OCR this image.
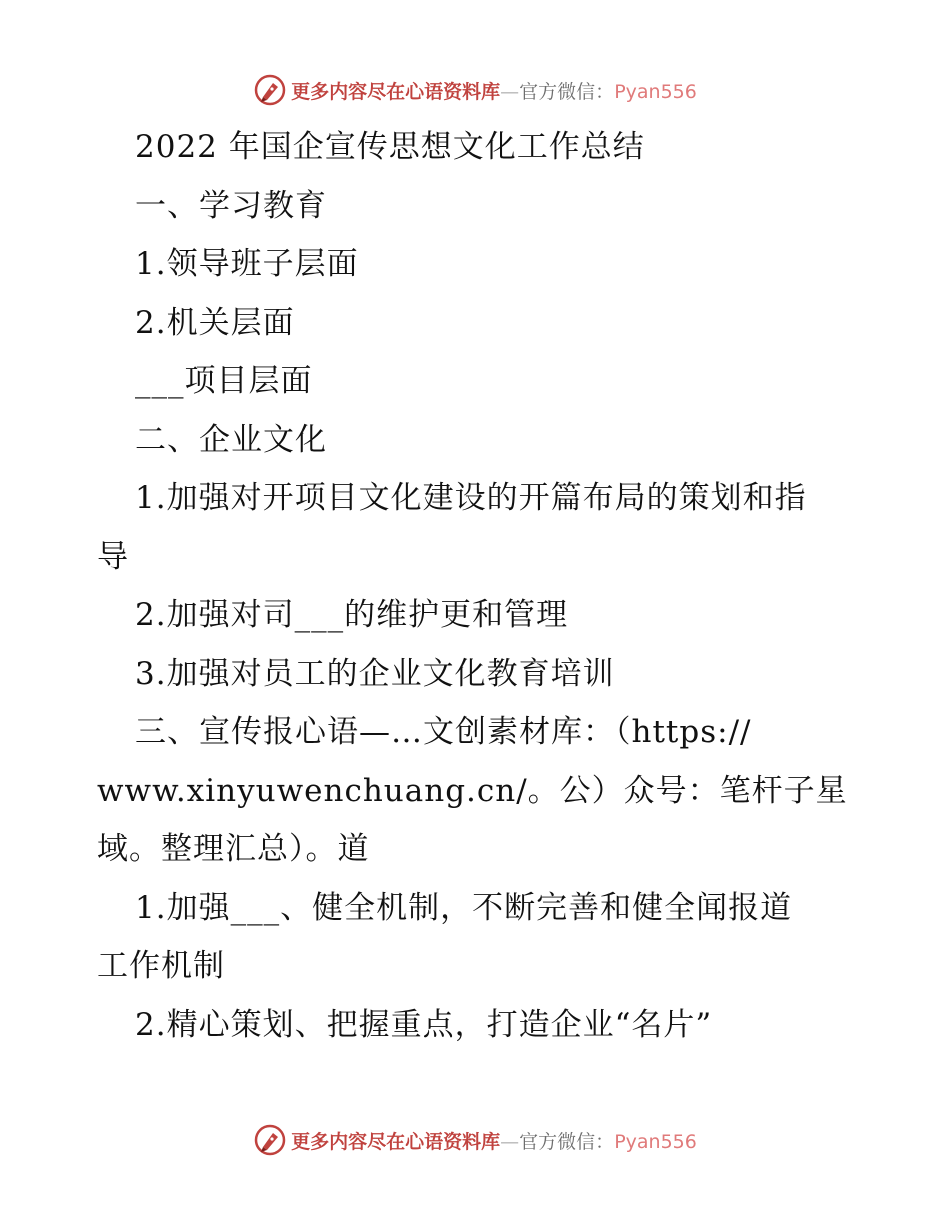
更多内容尽在心语资料库—官方微信：Pyan556
2022 年国企宣传思想文化工作总结
一、学习教育
1.领导班子层面
2.机关层面
___项目层面
二、企业文化
1.加强对开项目文化建设的开篇布局的策划和指
导
2.加强对司___的维护更和管理
3.加强对员工的企业文化教育培训
三、宣传报心语—…文创素材库：（https://
www.xinyuwenchuang.cn/。公）众号：笔杆子星
域。整理汇总）。道
1.加强___、健全机制，不断完善和健全闻报道
工作机制
2.精心策划、把握重点，打造企业“名片”
更多内容尽在心语资料库—官方微信：Pyan556
